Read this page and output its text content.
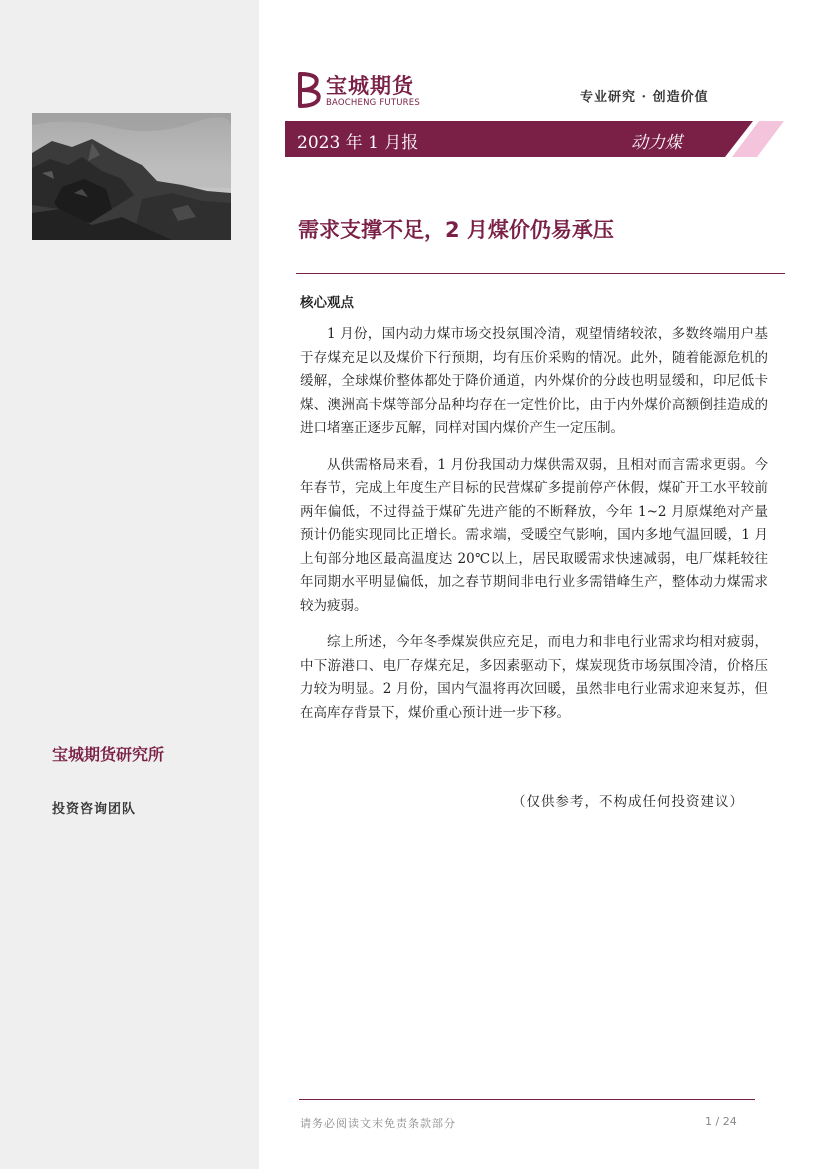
宝城期货研究所

投资咨询团队

宝城期货
BAOCHENG FUTURES	专业研究 · 创造价值
2023 年 1 月报	动力煤
需求支撑不足，2 月煤价仍易承压
核心观点

1 月份，国内动力煤市场交投氛围冷清，观望情绪较浓，多数终端用户基于存煤充足以及煤价下行预期，均有压价采购的情况。此外，随着能源危机的缓解，全球煤价整体都处于降价通道，内外煤价的分歧也明显缓和，印尼低卡煤、澳洲高卡煤等部分品种均存在一定性价比，由于内外煤价高额倒挂造成的进口堵塞正逐步瓦解，同样对国内煤价产生一定压制。

从供需格局来看，1 月份我国动力煤供需双弱，且相对而言需求更弱。今年春节，完成上年度生产目标的民营煤矿多提前停产休假，煤矿开工水平较前两年偏低，不过得益于煤矿先进产能的不断释放，今年 1~2 月原煤绝对产量预计仍能实现同比正增长。需求端，受暖空气影响，国内多地气温回暖，1 月上旬部分地区最高温度达 20℃以上，居民取暖需求快速减弱，电厂煤耗较往年同期水平明显偏低，加之春节期间非电行业多需错峰生产，整体动力煤需求较为疲弱。

综上所述，今年冬季煤炭供应充足，而电力和非电行业需求均相对疲弱，中下游港口、电厂存煤充足，多因素驱动下，煤炭现货市场氛围冷清，价格压力较为明显。2 月份，国内气温将再次回暖，虽然非电行业需求迎来复苏，但在高库存背景下，煤价重心预计进一步下移。

（仅供参考，不构成任何投资建议）
请务必阅读文末免责条款部分	1 / 24
